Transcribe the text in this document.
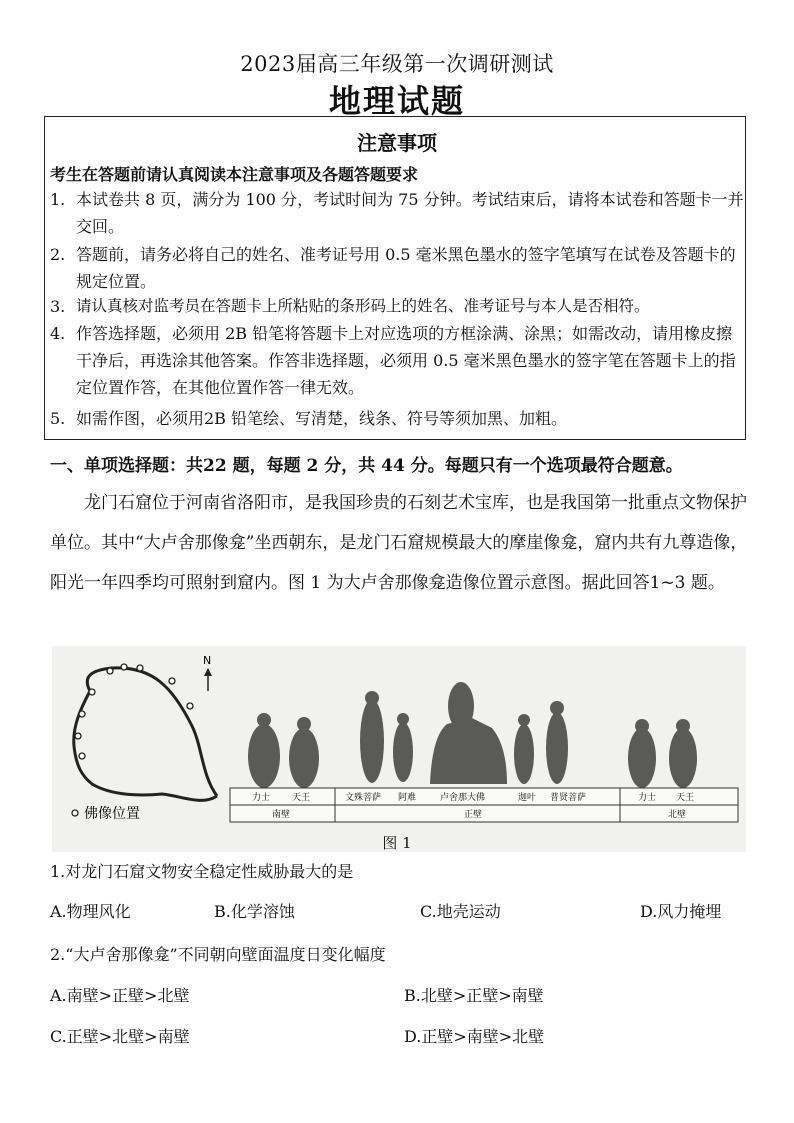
2023届高三年级第一次调研测试
地理试题
注意事项
考生在答题前请认真阅读本注意事项及各题答题要求
1. 本试卷共 8 页，满分为 100 分，考试时间为 75 分钟。考试结束后，请将本试卷和答题卡一并交回。
2. 答题前，请务必将自己的姓名、准考证号用 0.5 毫米黑色墨水的签字笔填写在试卷及答题卡的规定位置。
3. 请认真核对监考员在答题卡上所粘贴的条形码上的姓名、准考证号与本人是否相符。
4. 作答选择题，必须用 2B 铅笔将答题卡上对应选项的方框涂满、涂黑；如需改动，请用橡皮擦干净后，再选涂其他答案。作答非选择题，必须用 0.5 毫米黑色墨水的签字笔在答题卡上的指定位置作答，在其他位置作答一律无效。
5. 如需作图，必须用2B 铅笔绘、写清楚，线条、符号等须加黑、加粗。
一、单项选择题：共22 题，每题 2 分，共 44 分。每题只有一个选项最符合题意。
龙门石窟位于河南省洛阳市，是我国珍贵的石刻艺术宝库，也是我国第一批重点文物保护单位。其中“大卢舍那像龛”坐西朝东，是龙门石窟规模最大的摩崖像龛，窟内共有九尊造像，阳光一年四季均可照射到窟内。图 1 为大卢舍那像龛造像位置示意图。据此回答1~3 题。
N
佛像位置
力士 天王	文殊菩萨 阿难	卢舍那大佛	迦叶 普贤菩萨	力士 天王
南壁	正壁	北壁
图 1
1.对龙门石窟文物安全稳定性威胁最大的是
A.物理风化	B.化学溶蚀	C.地壳运动	D.风力掩埋
2.“大卢舍那像龛”不同朝向壁面温度日变化幅度
A.南壁>正壁>北壁	B.北壁>正壁>南壁
C.正壁>北壁>南壁	D.正壁>南壁>北壁
